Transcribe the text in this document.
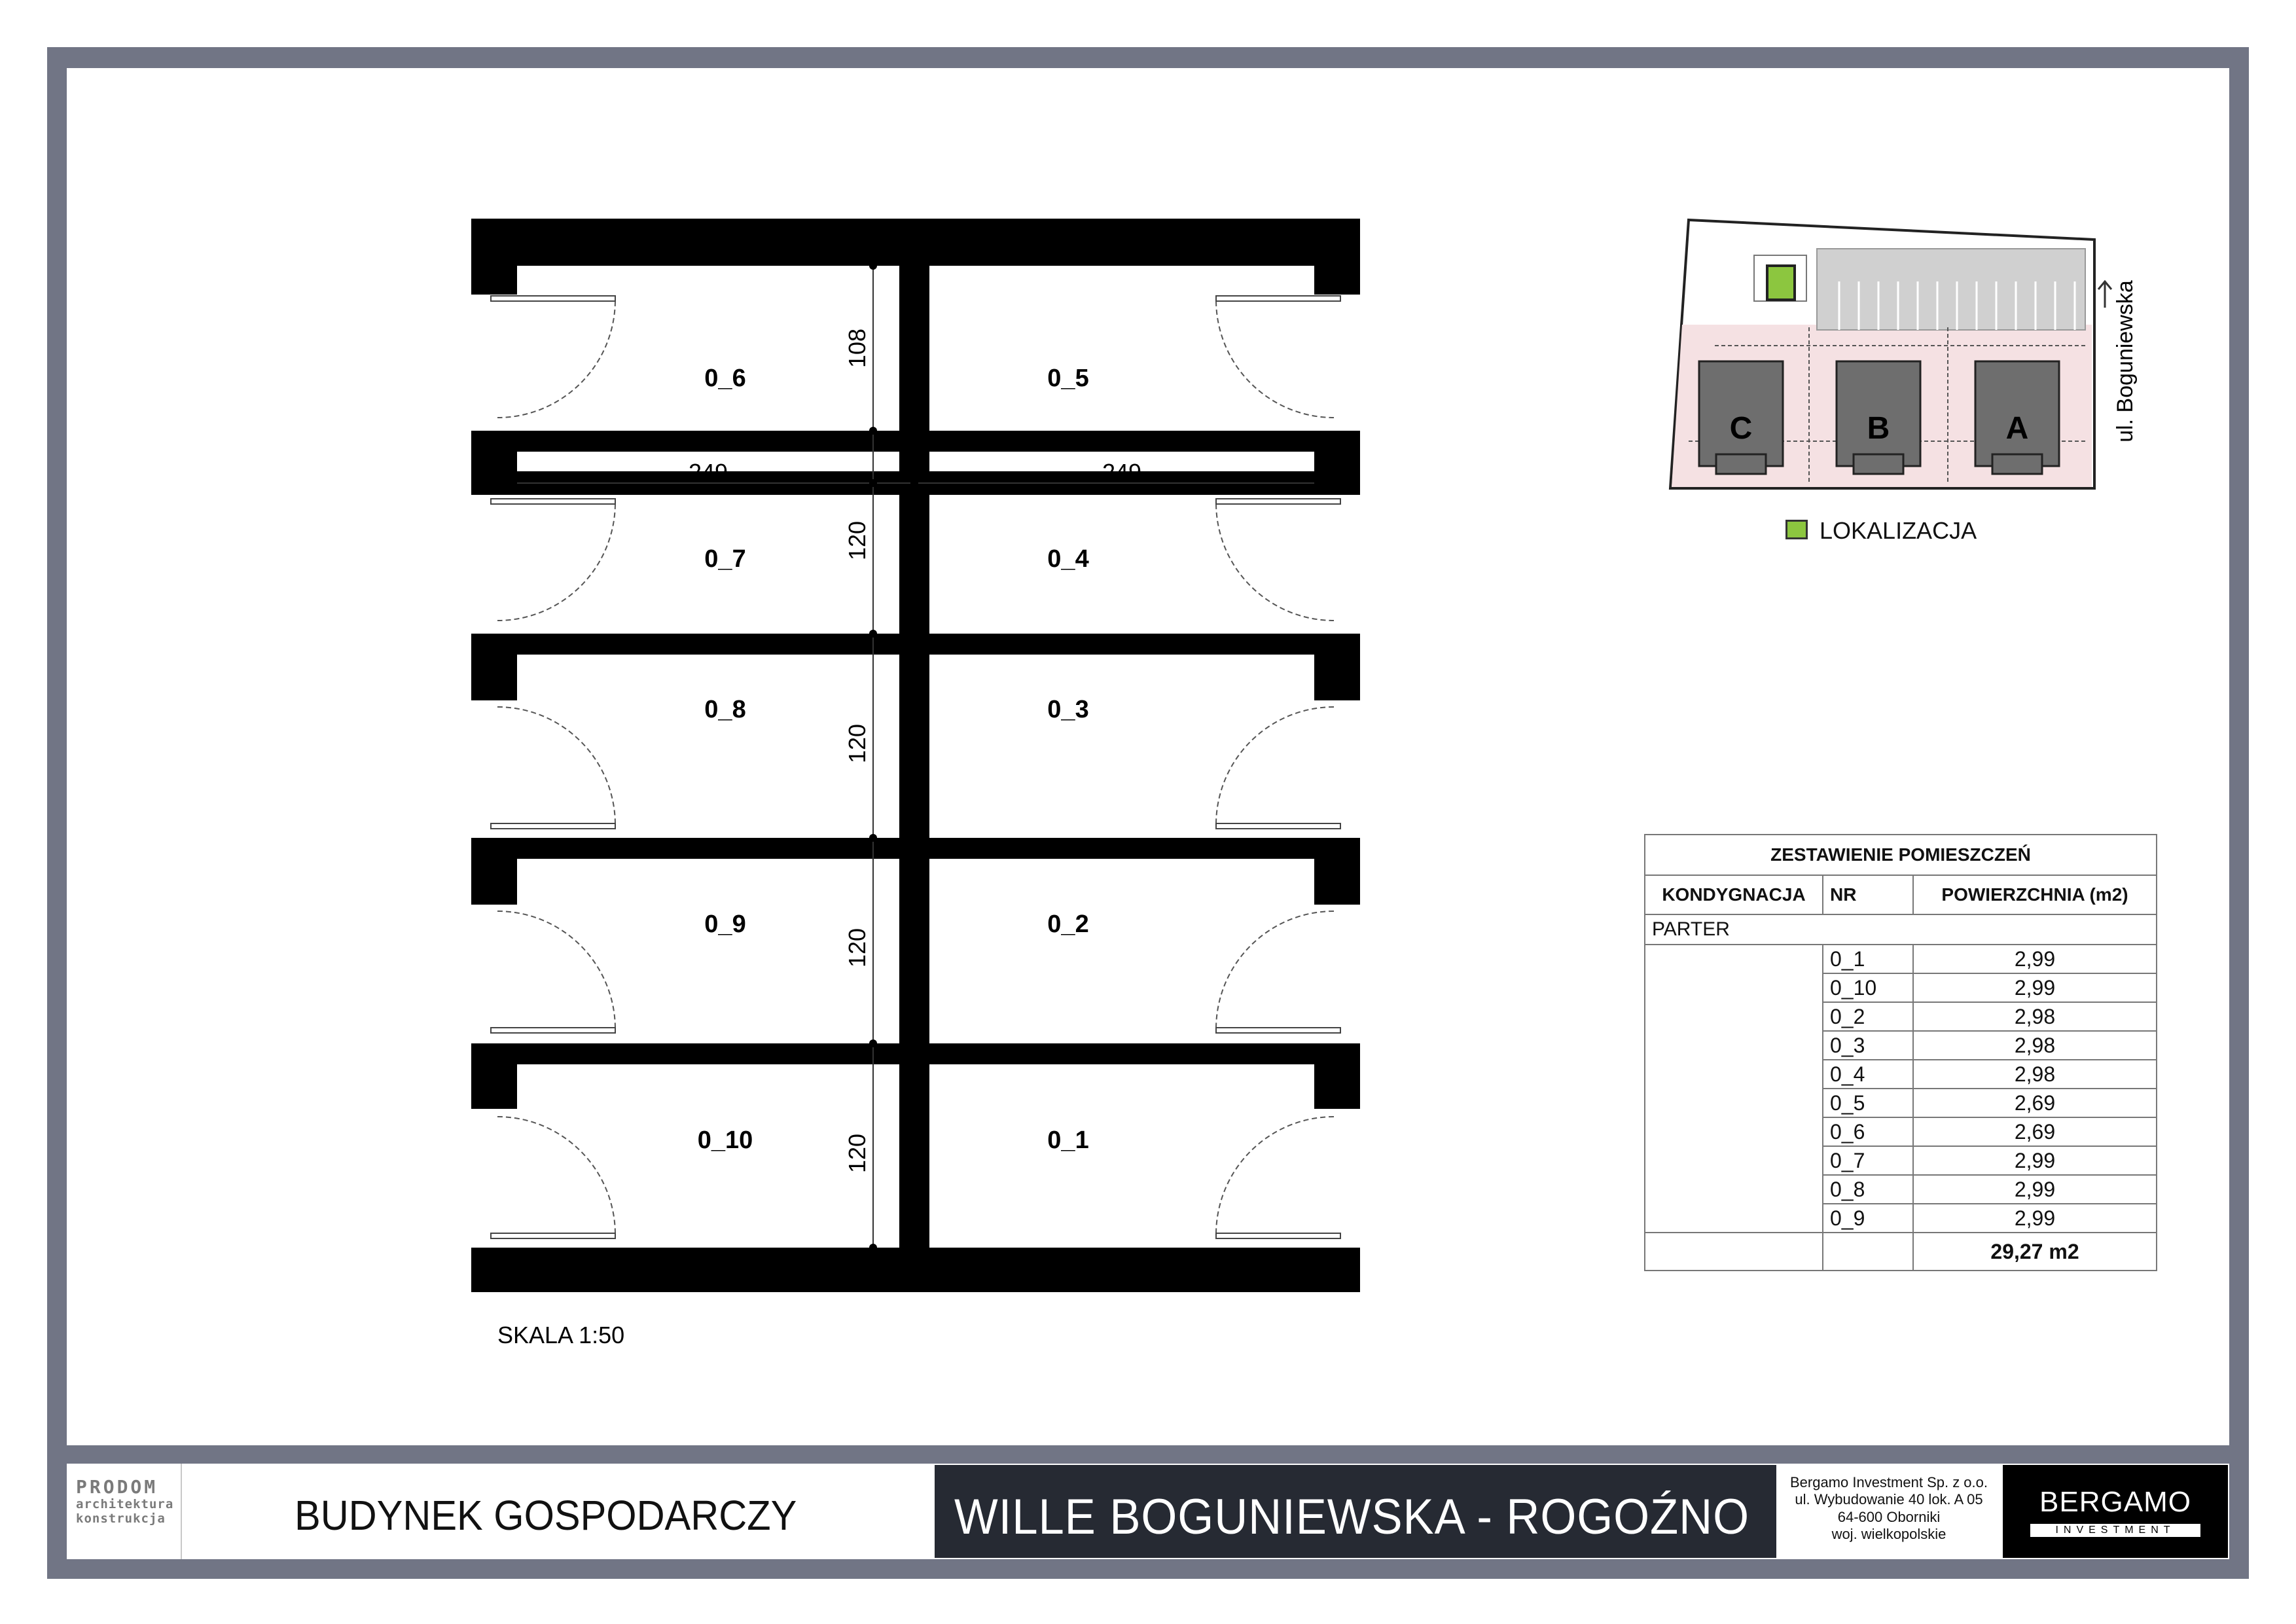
0_6	0_5
0_7	0_4
0_8	0_3
0_9	0_2
0_10	0_1
108
120
120
120
120
249	249
SKALA 1:50
C	B	A	ul. Boguniewska
LOKALIZACJA
ZESTAWIENIE POMIESZCZEŃ		
KONDYGNACJA	NR	POWIERZCHNIA (m2)
PARTER		
	0_1	2,99
	0_10	2,99
	0_2	2,98
	0_3	2,98
	0_4	2,98
	0_5	2,69
	0_6	2,69
	0_7	2,99
	0_8	2,99
	0_9	2,99
		29,27 m2
PRODOM
architektura
konstrukcja	BUDYNEK GOSPODARCZY	WILLE BOGUNIEWSKA - ROGOŹNO
Bergamo Investment Sp. z o.o.
ul. Wybudowanie 40 lok. A 05
64-600 Oborniki
woj. wielkopolskie
BERGAMO
INVESTMENT
